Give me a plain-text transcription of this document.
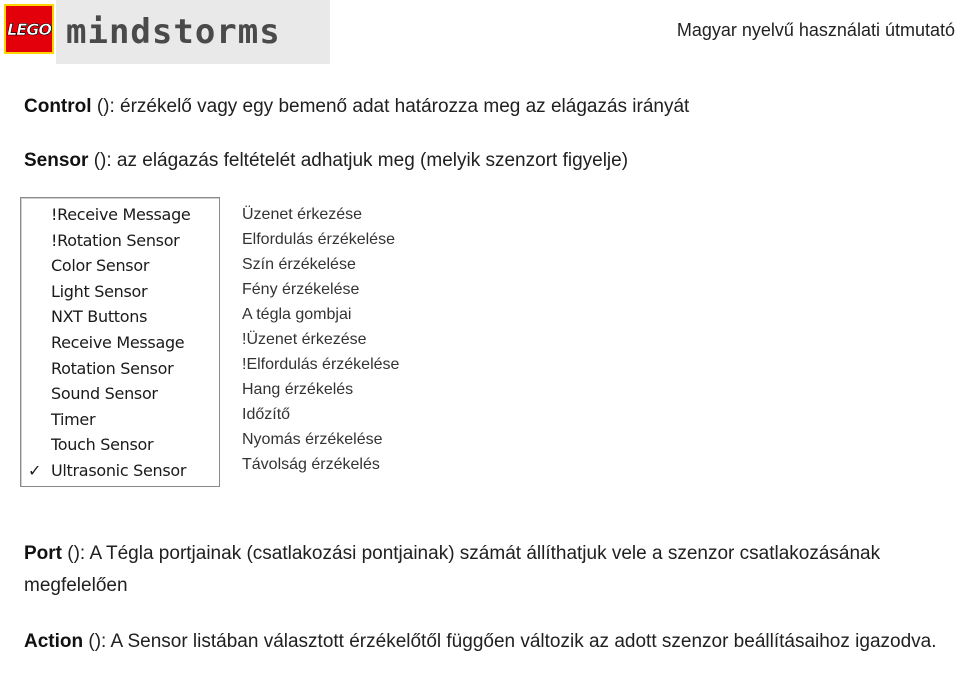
LEGO mindstorms	Magyar nyelvű használati útmutató

Control (): érzékelő vagy egy bemenő adat határozza meg az elágazás irányát

Sensor (): az elágazás feltételét adhatjuk meg (melyik szenzort figyelje)

!Receive Message
!Rotation Sensor
Color Sensor
Light Sensor
NXT Buttons
Receive Message
Rotation Sensor
Sound Sensor
Timer
Touch Sensor
✓ Ultrasonic Sensor
Üzenet érkezése
Elfordulás érzékelése
Szín érzékelése
Fény érzékelése
A tégla gombjai
!Üzenet érkezése
!Elfordulás érzékelése
Hang érzékelés
Időzítő
Nyomás érzékelése
Távolság érzékelés

Port (): A Tégla portjainak (csatlakozási pontjainak) számát állíthatjuk vele a szenzor csatlakozásának megfelelően

Action (): A Sensor listában választott érzékelőtől függően változik az adott szenzor beállításaihoz igazodva.
